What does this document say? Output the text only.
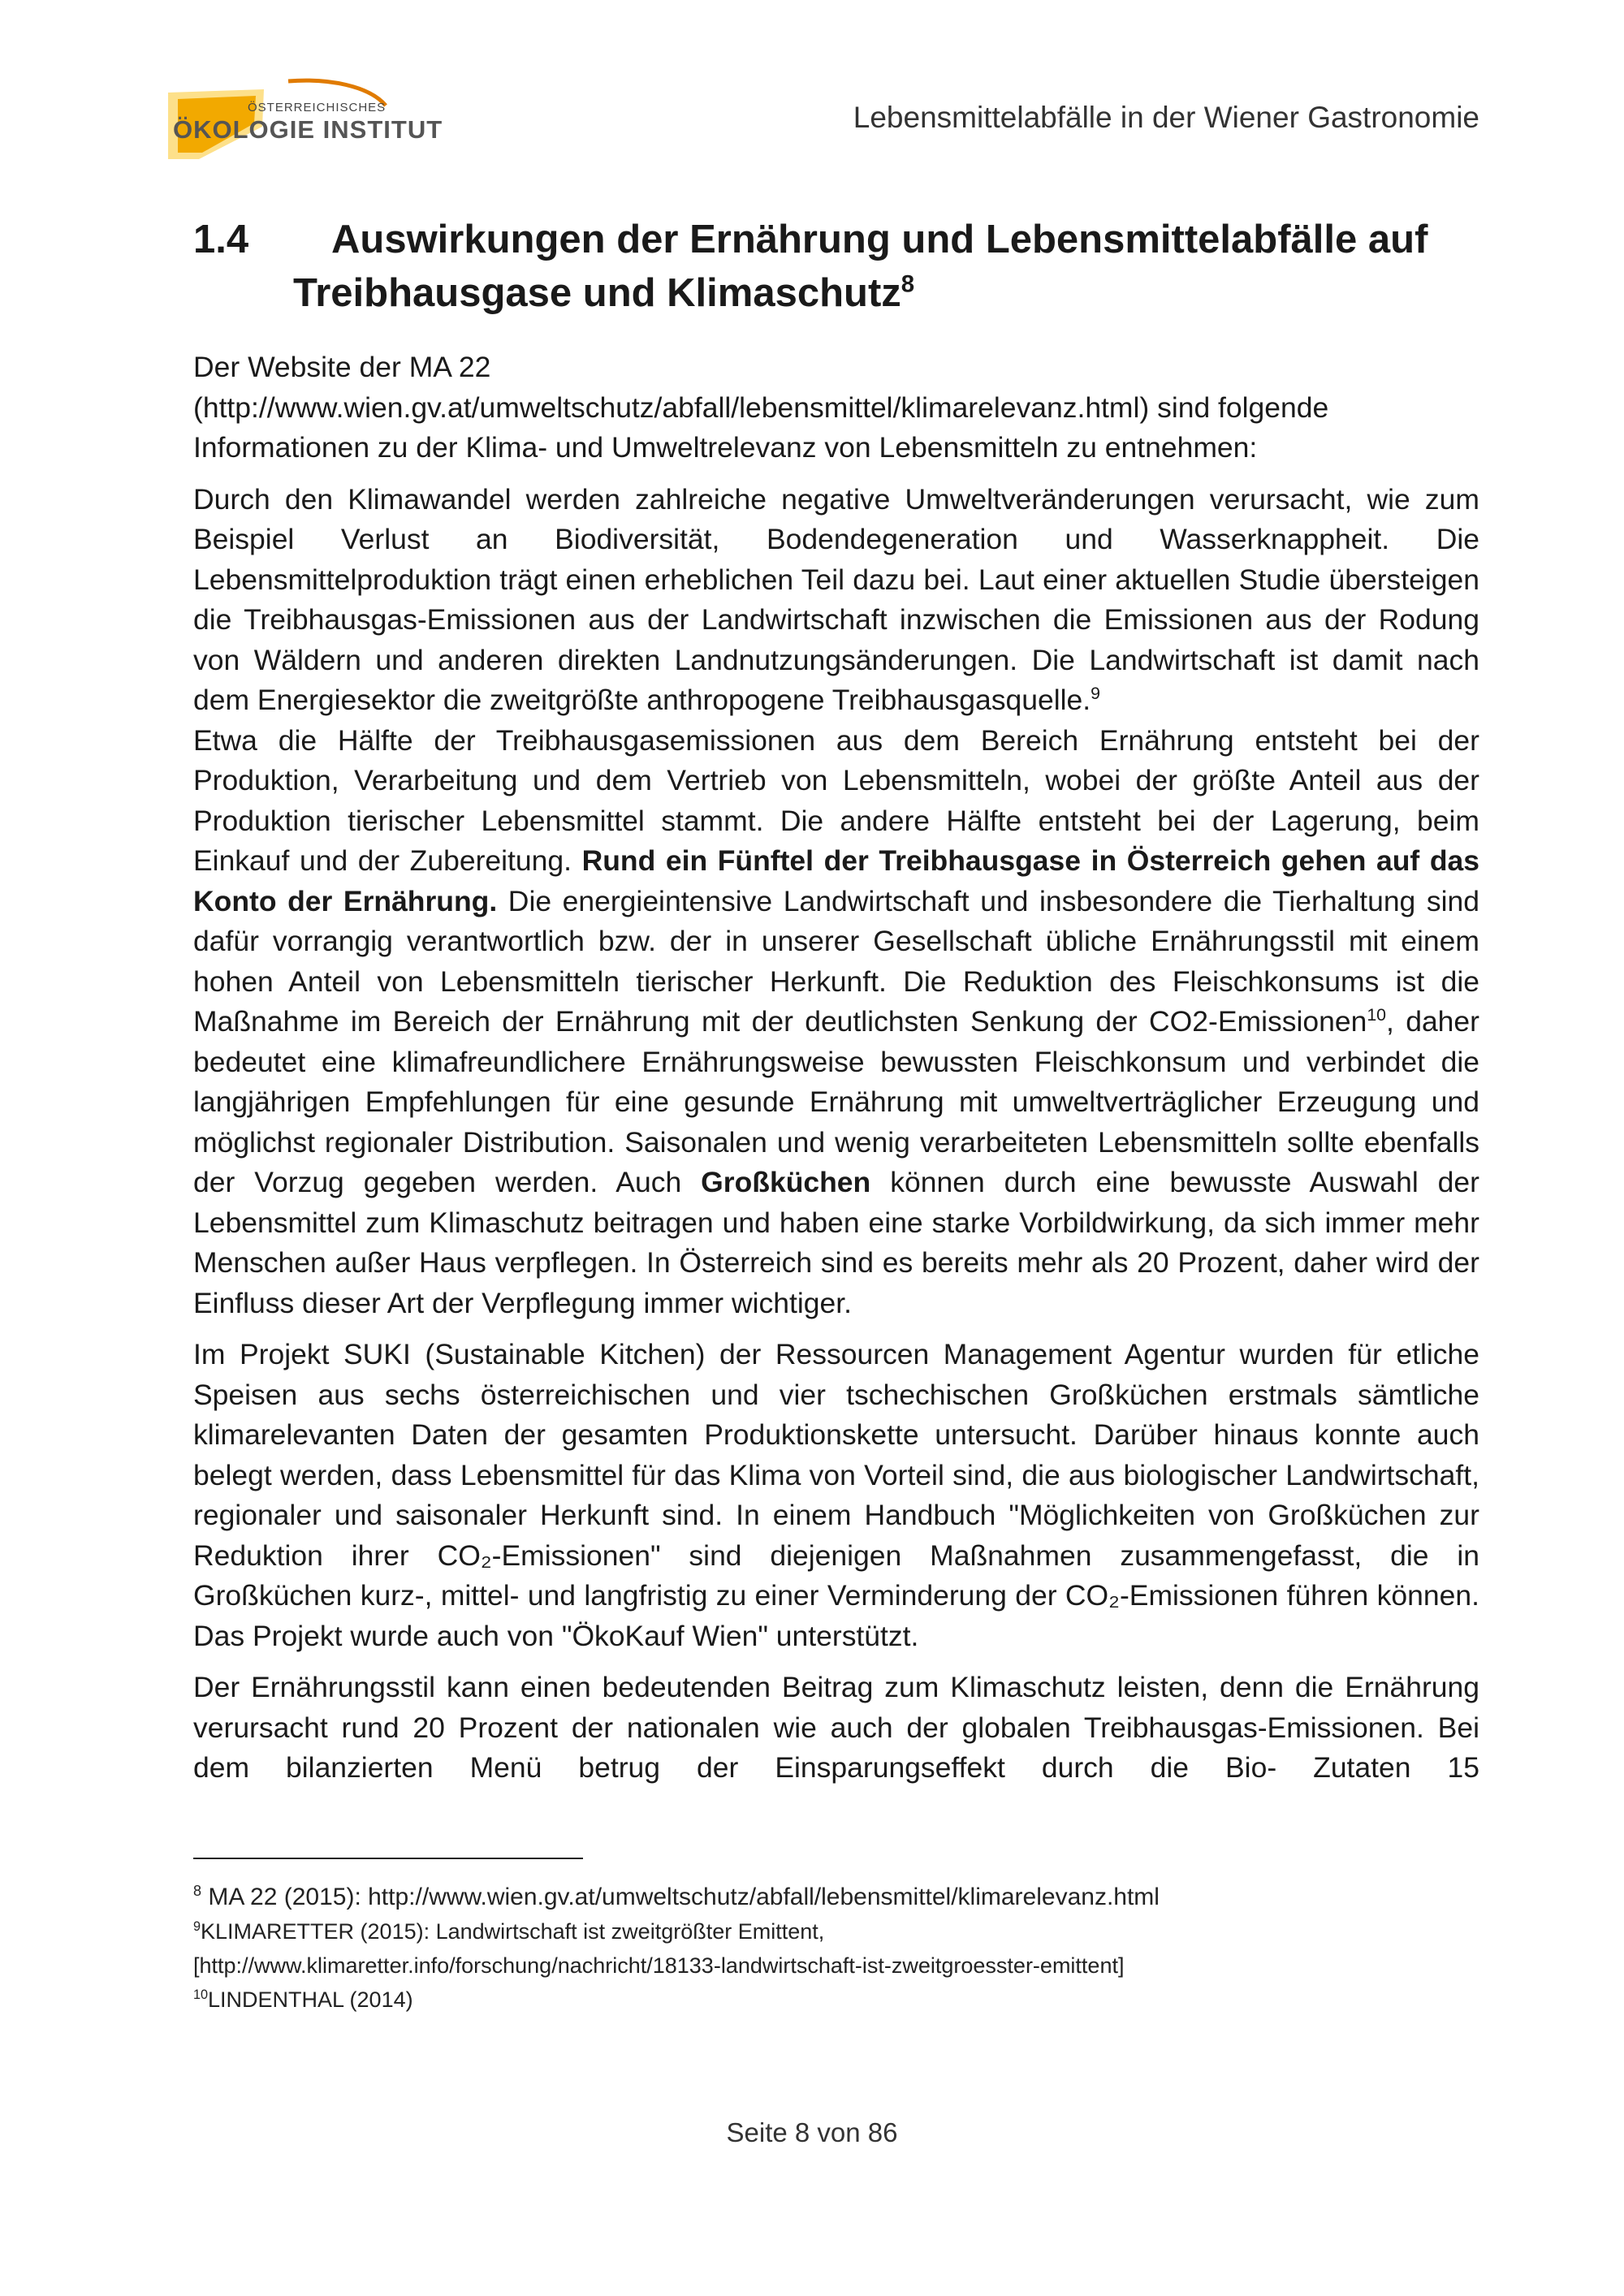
ÖSTERREICHISCHES
ÖKOLOGIE INSTITUT	Lebensmittelabfälle in der Wiener Gastronomie
1.4 Auswirkungen der Ernährung und Lebensmittelabfälle auf
Treibhausgase und Klimaschutz$^8$

Der Website der MA 22
(http://www.wien.gv.at/umweltschutz/abfall/lebensmittel/klimarelevanz.html) sind folgende
Informationen zu der Klima- und Umweltrelevanz von Lebensmitteln zu entnehmen:

Durch den Klimawandel werden zahlreiche negative Umweltveränderungen verursacht, wie zum Beispiel Verlust an Biodiversität, Bodendegeneration und Wasserknappheit. Die Lebensmittelproduktion trägt einen erheblichen Teil dazu bei. Laut einer aktuellen Studie übersteigen die Treibhausgas-Emissionen aus der Landwirtschaft inzwischen die Emissionen aus der Rodung von Wäldern und anderen direkten Landnutzungsänderungen. Die Landwirtschaft ist damit nach dem Energiesektor die zweitgrößte anthropogene Treibhausgasquelle.$^9$

Etwa die Hälfte der Treibhausgasemissionen aus dem Bereich Ernährung entsteht bei der Produktion, Verarbeitung und dem Vertrieb von Lebensmitteln, wobei der größte Anteil aus der Produktion tierischer Lebensmittel stammt. Die andere Hälfte entsteht bei der Lagerung, beim Einkauf und der Zubereitung. Rund ein Fünftel der Treibhausgase in Österreich gehen auf das Konto der Ernährung. Die energieintensive Landwirtschaft und insbesondere die Tierhaltung sind dafür vorrangig verantwortlich bzw. der in unserer Gesellschaft übliche Ernährungsstil mit einem hohen Anteil von Lebensmitteln tierischer Herkunft. Die Reduktion des Fleischkonsums ist die Maßnahme im Bereich der Ernährung mit der deutlichsten Senkung der CO2-Emissionen$^{10}$, daher bedeutet eine klimafreundlichere Ernährungsweise bewussten Fleischkonsum und verbindet die langjährigen Empfehlungen für eine gesunde Ernährung mit umweltverträglicher Erzeugung und möglichst regionaler Distribution. Saisonalen und wenig verarbeiteten Lebensmitteln sollte ebenfalls der Vorzug gegeben werden. Auch Großküchen können durch eine bewusste Auswahl der Lebensmittel zum Klimaschutz beitragen und haben eine starke Vorbildwirkung, da sich immer mehr Menschen außer Haus verpflegen. In Österreich sind es bereits mehr als 20 Prozent, daher wird der Einfluss dieser Art der Verpflegung immer wichtiger.

Im Projekt SUKI (Sustainable Kitchen) der Ressourcen Management Agentur wurden für etliche Speisen aus sechs österreichischen und vier tschechischen Großküchen erstmals sämtliche klimarelevanten Daten der gesamten Produktionskette untersucht. Darüber hinaus konnte auch belegt werden, dass Lebensmittel für das Klima von Vorteil sind, die aus biologischer Landwirtschaft, regionaler und saisonaler Herkunft sind. In einem Handbuch "Möglichkeiten von Großküchen zur Reduktion ihrer CO₂-Emissionen" sind diejenigen Maßnahmen zusammengefasst, die in Großküchen kurz-, mittel- und langfristig zu einer Verminderung der CO₂-Emissionen führen können. Das Projekt wurde auch von "ÖkoKauf Wien" unterstützt.

Der Ernährungsstil kann einen bedeutenden Beitrag zum Klimaschutz leisten, denn die Ernährung verursacht rund 20 Prozent der nationalen wie auch der globalen Treibhausgas-Emissionen. Bei dem bilanzierten Menü betrug der Einsparungseffekt durch die Bio- Zutaten 15

$^8$ MA 22 (2015): http://www.wien.gv.at/umweltschutz/abfall/lebensmittel/klimarelevanz.html
$^9$KLIMARETTER (2015): Landwirtschaft ist zweitgrößter Emittent,
[http://www.klimaretter.info/forschung/nachricht/18133-landwirtschaft-ist-zweitgroesster-emittent]
$^{10}$LINDENTHAL (2014)
Seite 8 von 86
